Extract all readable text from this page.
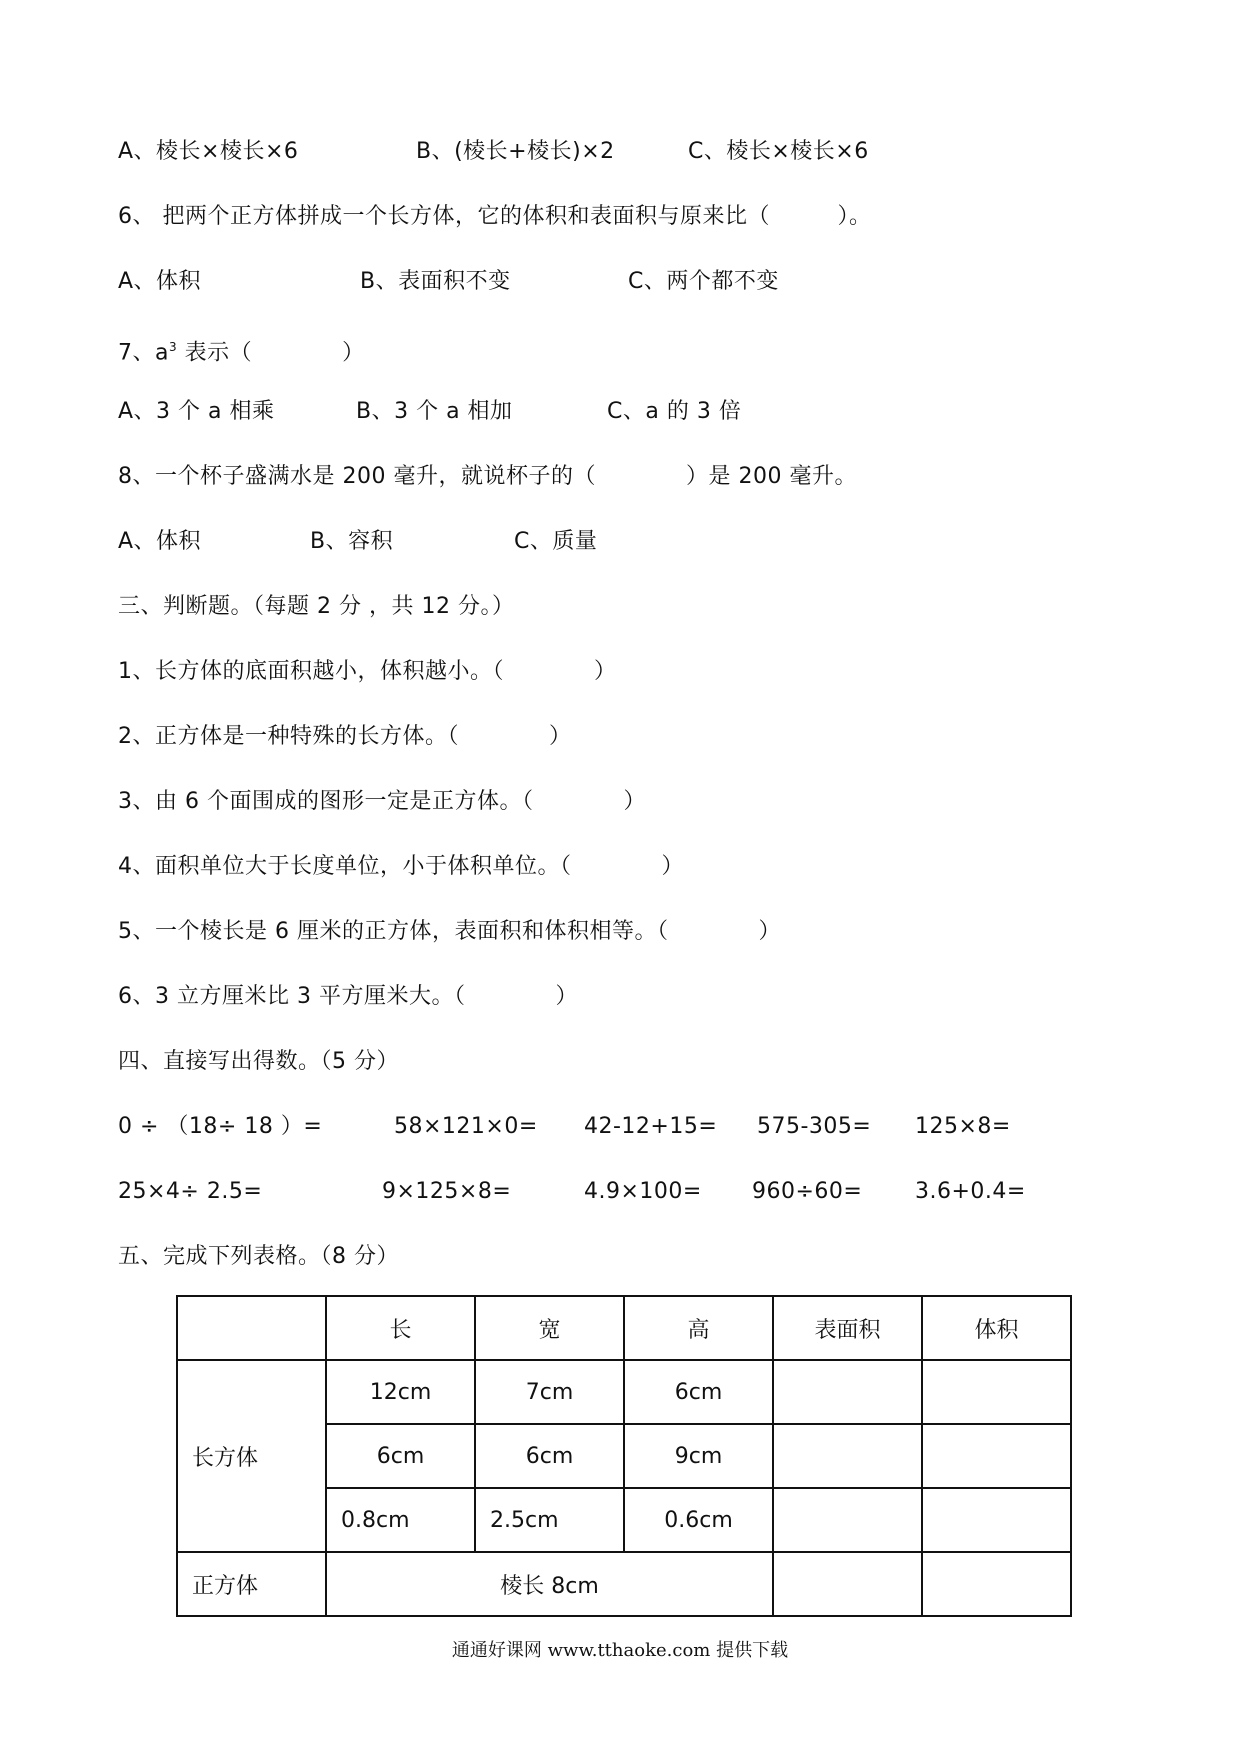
A、棱长×棱长×6	B、(棱长+棱长)×2	C、棱长×棱长×6
6、 把两个正方体拼成一个长方体，它的体积和表面积与原来比（　　　）。
A、体积	B、表面积不变	C、两个都不变
7、$a^3$ 表示（　　　　）
A、3 个 a 相乘	B、3 个 a 相加	C、a 的 3 倍
8、一个杯子盛满水是 200 毫升，就说杯子的（　　　　）是 200 毫升。
A、体积	B、容积	C、质量
三、判断题。（每题 2 分 ，共 12 分。）
1、长方体的底面积越小，体积越小。（　　　　）
2、正方体是一种特殊的长方体。（　　　　）
3、由 6 个面围成的图形一定是正方体。（　　　　）
4、面积单位大于长度单位，小于体积单位。（　　　　）
5、一个棱长是 6 厘米的正方体，表面积和体积相等。（　　　　）
6、3 立方厘米比 3 平方厘米大。（　　　　）
四、直接写出得数。（5 分）
0 ÷ （18÷ 18 ）=	58×121×0= 42-12+15= 575-305= 125×8=
25×4÷ 2.5=	9×125×8=	4.9×100= 960÷60= 3.6+0.4=
五、完成下列表格。（8 分）
	长	宽	高	表面积	体积
长方体	12cm	7cm	6cm		
	6cm	6cm	9cm		
	0.8cm	2.5cm	0.6cm		
正方体	棱长 8cm				
通通好课网 www.tthaoke.com 提供下载
